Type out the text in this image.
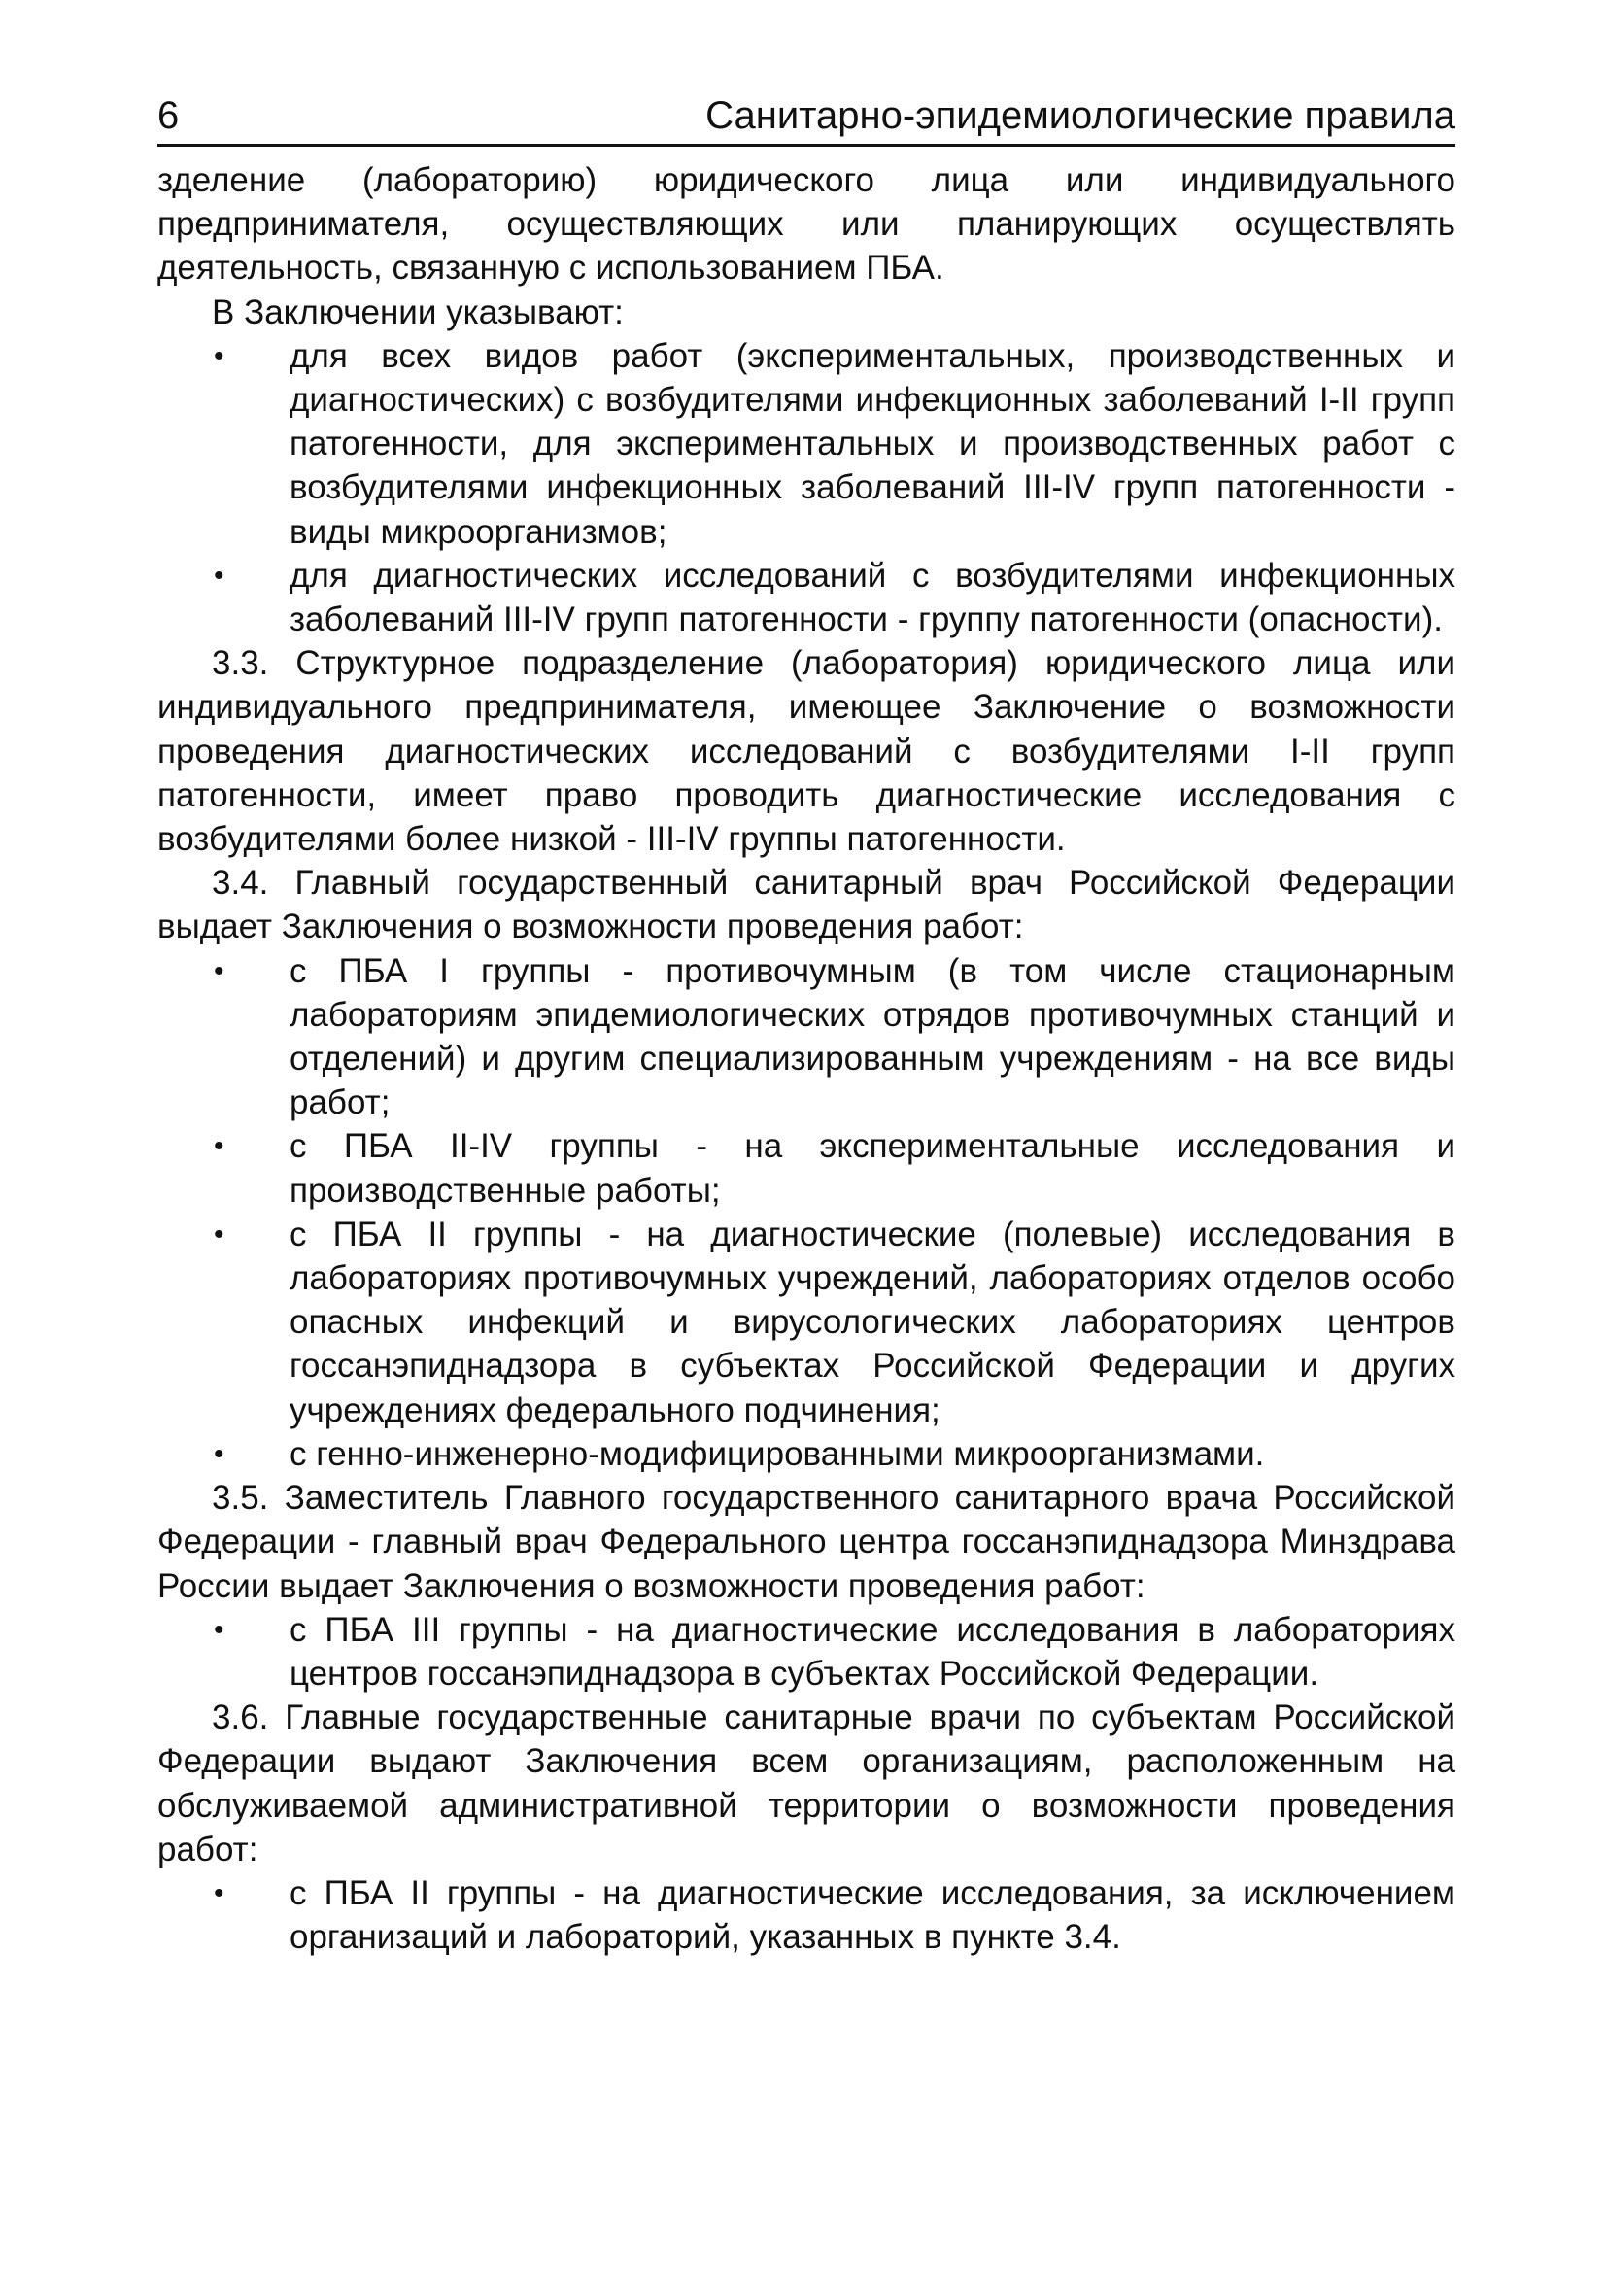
6	Санитарно-эпидемиологические правила

зделение (лабораторию) юридического лица или индивидуального предпринимателя, осуществляющих или планирующих осуществлять деятельность, связанную с использованием ПБА.

В Заключении указывают:

• для всех видов работ (экспериментальных, производственных и диагностических) с возбудителями инфекционных заболеваний I-II групп патогенности, для экспериментальных и производственных работ с возбудителями инфекционных заболеваний III-IV групп патогенности - виды микроорганизмов;
• для диагностических исследований с возбудителями инфекционных заболеваний III-IV групп патогенности - группу патогенности (опасности).

3.3. Структурное подразделение (лаборатория) юридического лица или индивидуального предпринимателя, имеющее Заключение о возможности проведения диагностических исследований с возбудителями I-II групп патогенности, имеет право проводить диагностические исследования с возбудителями более низкой - III-IV группы патогенности.

3.4. Главный государственный санитарный врач Российской Федерации выдает Заключения о возможности проведения работ:

• с ПБА I группы - противочумным (в том числе стационарным лабораториям эпидемиологических отрядов противочумных станций и отделений) и другим специализированным учреждениям - на все виды работ;
• с ПБА II-IV группы - на экспериментальные исследования и производственные работы;
• с ПБА II группы - на диагностические (полевые) исследования в лабораториях противочумных учреждений, лабораториях отделов особо опасных инфекций и вирусологических лабораториях центров госсанэпиднадзора в субъектах Российской Федерации и других учреждениях федерального подчинения;
• с генно-инженерно-модифицированными микроорганизмами.

3.5. Заместитель Главного государственного санитарного врача Российской Федерации - главный врач Федерального центра госсанэпиднадзора Минздрава России выдает Заключения о возможности проведения работ:

• с ПБА III группы - на диагностические исследования в лабораториях центров госсанэпиднадзора в субъектах Российской Федерации.

3.6. Главные государственные санитарные врачи по субъектам Российской Федерации выдают Заключения всем организациям, расположенным на обслуживаемой административной территории о возможности проведения работ:

• с ПБА II группы - на диагностические исследования, за исключением организаций и лабораторий, указанных в пункте 3.4.
